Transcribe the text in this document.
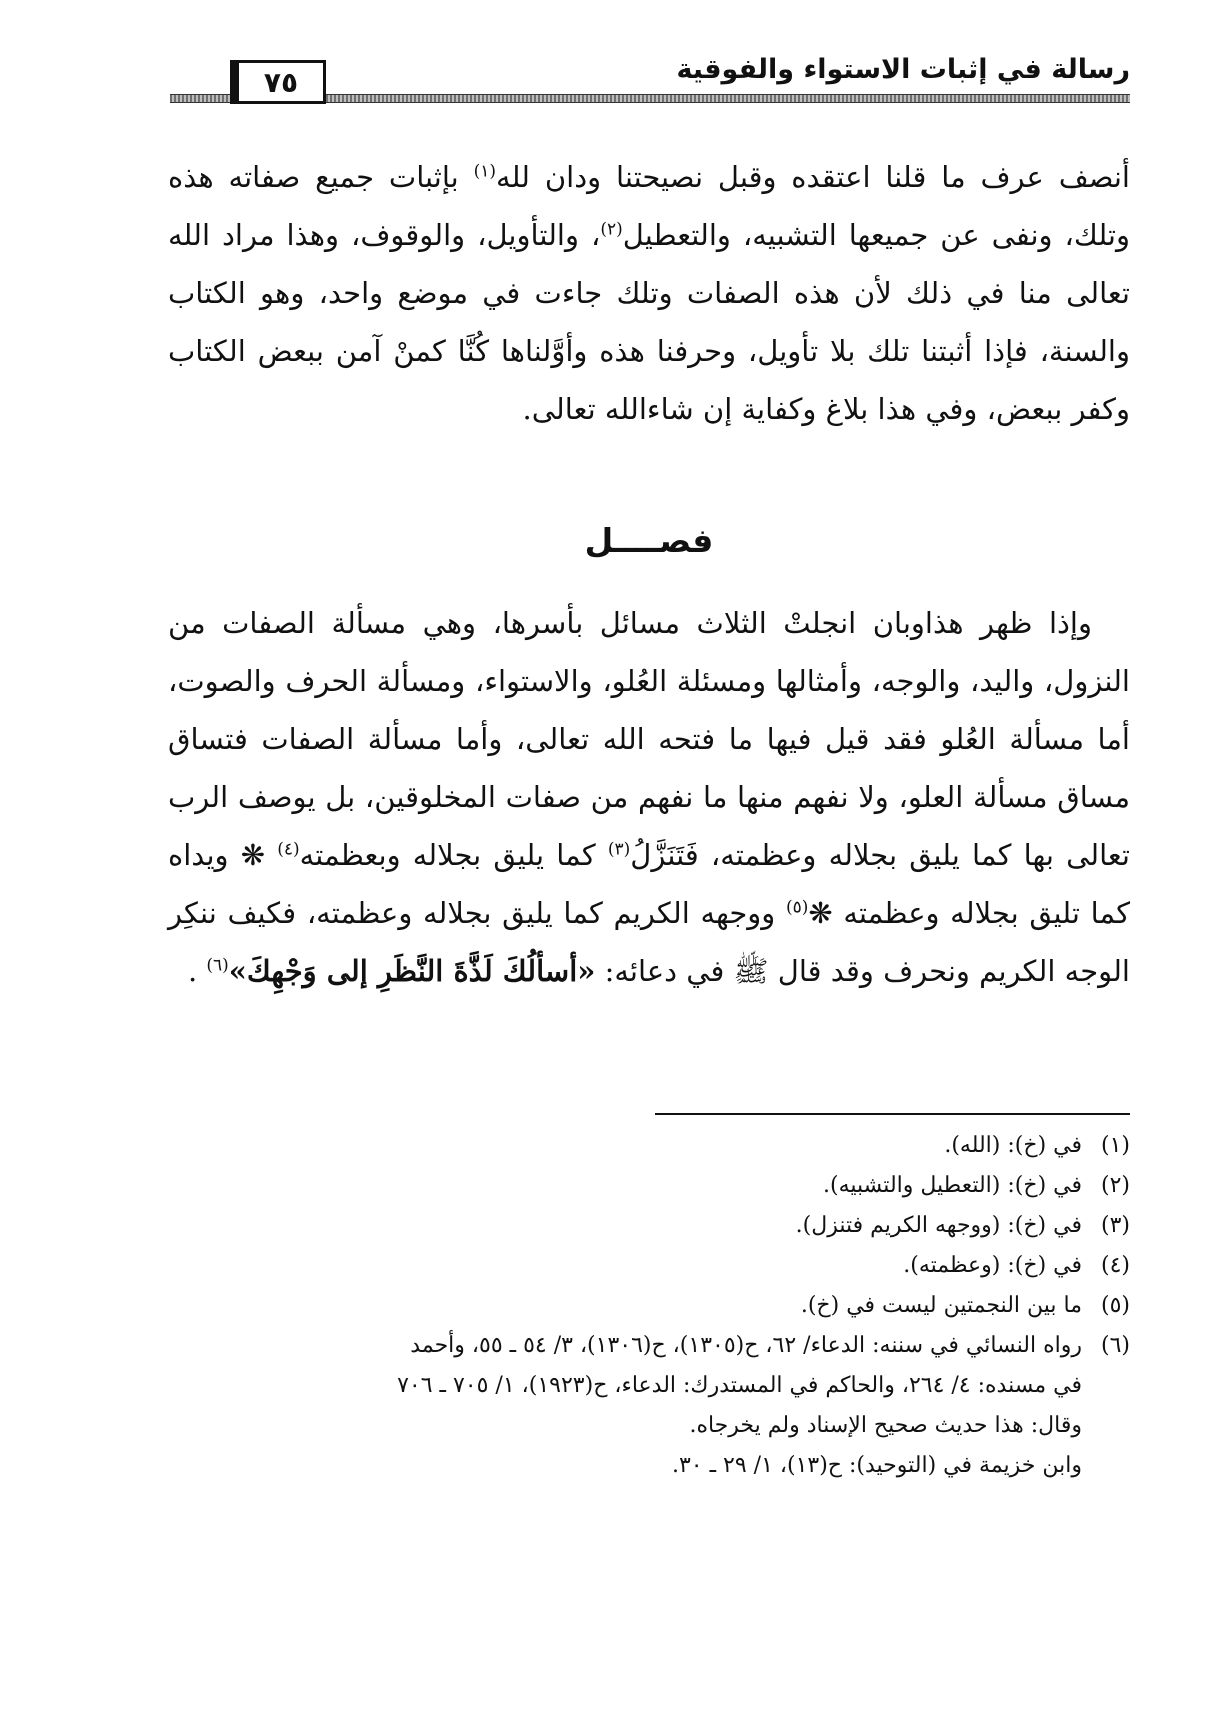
رسالة في إثبات الاستواء والفوقية
٧٥

أنصف عرف ما قلنا اعتقده وقبل نصيحتنا ودان لله$^{(١)}$ بإثبات جميع صفاته هذه وتلك، ونفى عن جميعها التشبيه، والتعطيل$^{(٢)}$، والتأويل، والوقوف، وهذا مراد الله تعالى منا في ذلك لأن هذه الصفات وتلك جاءت في موضع واحد، وهو الكتاب والسنة، فإذا أثبتنا تلك بلا تأويل، وحرفنا هذه وأوَّلناها كُنَّا كمنْ آمن ببعض الكتاب وكفر ببعض، وفي هذا بلاغ وكفاية إن شاءالله تعالى.

فصــــل

وإذا ظهر هذاوبان انجلتْ الثلاث مسائل بأسرها، وهي مسألة الصفات من النزول، واليد، والوجه، وأمثالها ومسئلة العُلو، والاستواء، ومسألة الحرف والصوت، أما مسألة العُلو فقد قيل فيها ما فتحه الله تعالى، وأما مسألة الصفات فتساق مساق مسألة العلو، ولا نفهم منها ما نفهم من صفات المخلوقين، بل يوصف الرب تعالى بها كما يليق بجلاله وعظمته، فَتَنَزَّلُ$^{(٣)}$ كما يليق بجلاله وبعظمته$^{(٤)}$ ❋ ويداه كما تليق بجلاله وعظمته ❋$^{(٥)}$ ووجهه الكريم كما يليق بجلاله وعظمته، فكيف ننكِر الوجه الكريم ونحرف وقد قال ﷺ في دعائه: «أسألُكَ لَذَّةَ النَّظَرِ إلى وَجْهِكَ»$^{(٦)}$ .

(١)
في (خ): (الله).
(٢)
في (خ): (التعطيل والتشبيه).
(٣)
في (خ): (ووجهه الكريم فتنزل).
(٤)
في (خ): (وعظمته).
(٥)
ما بين النجمتين ليست في (خ).
(٦)
رواه النسائي في سننه: الدعاء/ ٦٢، ح(١٣٠٥)، ح(١٣٠٦)، ٣/ ٥٤ ـ ٥٥، وأحمد
في مسنده: ٤/ ٢٦٤، والحاكم في المستدرك: الدعاء، ح(١٩٢٣)، ١/ ٧٠٥ ـ ٧٠٦
وقال: هذا حديث صحيح الإسناد ولم يخرجاه.
وابن خزيمة في (التوحيد): ح(١٣)، ١/ ٢٩ ـ ٣٠.
